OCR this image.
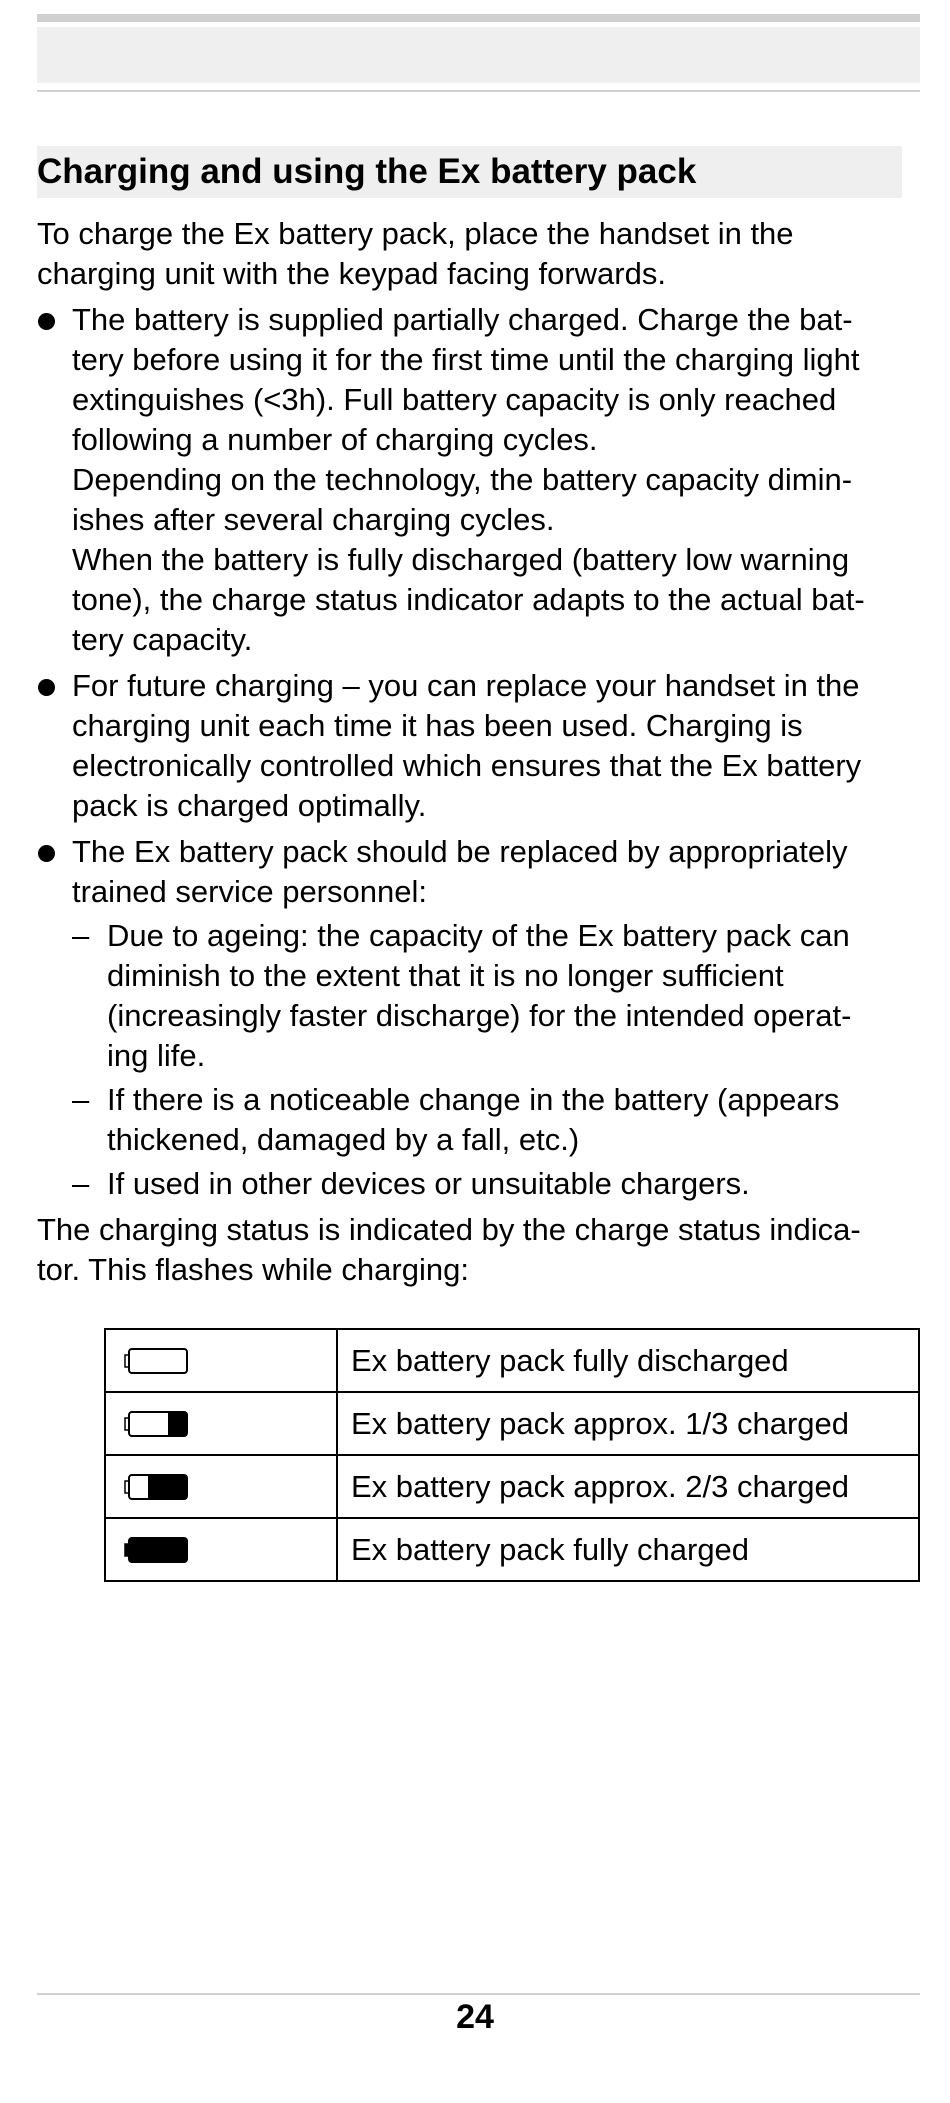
Charging and using the Ex battery pack

To charge the Ex battery pack, place the handset in the charging unit with the keypad facing forwards.

The battery is supplied partially charged. Charge the bat-
tery before using it for the first time until the charging light
extinguishes (<3h). Full battery capacity is only reached
following a number of charging cycles.
Depending on the technology, the battery capacity dimin-
ishes after several charging cycles.
When the battery is fully discharged (battery low warning
tone), the charge status indicator adapts to the actual bat-
tery capacity.
For future charging – you can replace your handset in the
charging unit each time it has been used. Charging is
electronically controlled which ensures that the Ex battery
pack is charged optimally.
The Ex battery pack should be replaced by appropriately
trained service personnel:
– Due to ageing: the capacity of the Ex battery pack can
diminish to the extent that it is no longer sufficient
(increasingly faster discharge) for the intended operat-
ing life.
– If there is a noticeable change in the battery (appears
thickened, damaged by a fall, etc.)
– If used in other devices or unsuitable chargers.

The charging status is indicated by the charge status indica-
tor. This flashes while charging:

	Ex battery pack fully discharged

	Ex battery pack approx. 1/3 charged

	Ex battery pack approx. 2/3 charged

	Ex battery pack fully charged
24
